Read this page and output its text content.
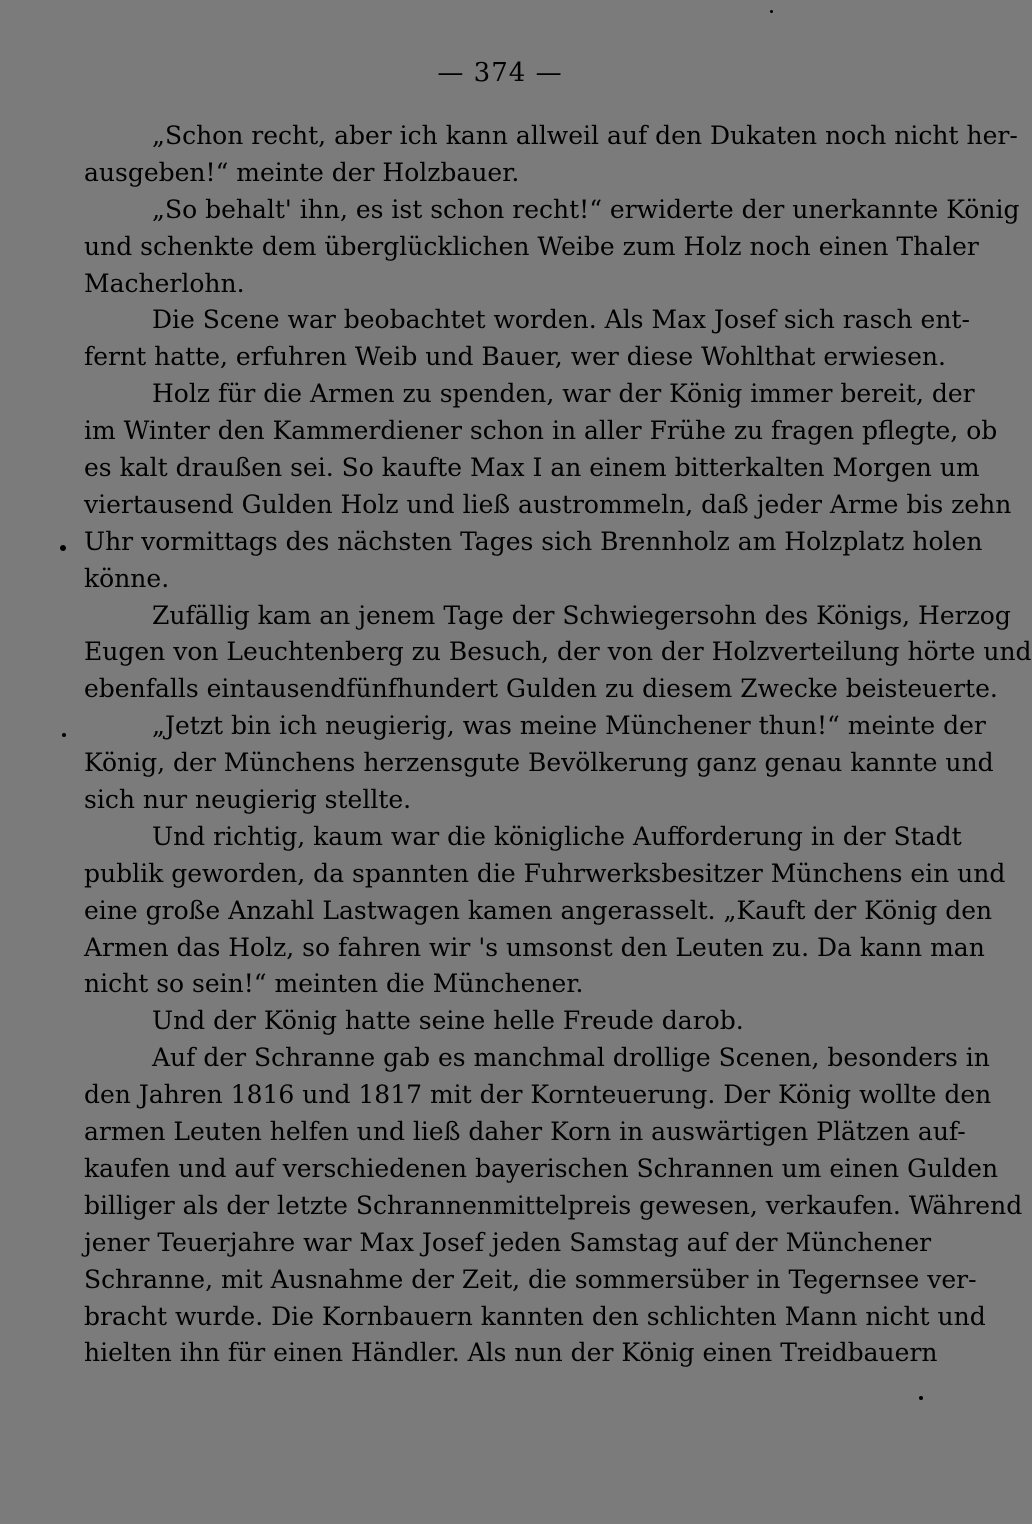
— 374 —
„Schon recht, aber ich kann allweil auf den Dukaten noch nicht her-
ausgeben!“ meinte der Holzbauer.
„So behalt' ihn, es ist schon recht!“ erwiderte der unerkannte König
und schenkte dem überglücklichen Weibe zum Holz noch einen Thaler
Macherlohn.
Die Scene war beobachtet worden. Als Max Josef sich rasch ent-
fernt hatte, erfuhren Weib und Bauer, wer diese Wohlthat erwiesen.
Holz für die Armen zu spenden, war der König immer bereit, der
im Winter den Kammerdiener schon in aller Frühe zu fragen pflegte, ob
es kalt draußen sei. So kaufte Max I an einem bitterkalten Morgen um
viertausend Gulden Holz und ließ austrommeln, daß jeder Arme bis zehn
Uhr vormittags des nächsten Tages sich Brennholz am Holzplatz holen
könne.
Zufällig kam an jenem Tage der Schwiegersohn des Königs, Herzog
Eugen von Leuchtenberg zu Besuch, der von der Holzverteilung hörte und
ebenfalls eintausendfünfhundert Gulden zu diesem Zwecke beisteuerte.
„Jetzt bin ich neugierig, was meine Münchener thun!“ meinte der
König, der Münchens herzensgute Bevölkerung ganz genau kannte und
sich nur neugierig stellte.
Und richtig, kaum war die königliche Aufforderung in der Stadt
publik geworden, da spannten die Fuhrwerksbesitzer Münchens ein und
eine große Anzahl Lastwagen kamen angerasselt. „Kauft der König den
Armen das Holz, so fahren wir 's umsonst den Leuten zu. Da kann man
nicht so sein!“ meinten die Münchener.
Und der König hatte seine helle Freude darob.
Auf der Schranne gab es manchmal drollige Scenen, besonders in
den Jahren 1816 und 1817 mit der Kornteuerung. Der König wollte den
armen Leuten helfen und ließ daher Korn in auswärtigen Plätzen auf-
kaufen und auf verschiedenen bayerischen Schrannen um einen Gulden
billiger als der letzte Schrannenmittelpreis gewesen, verkaufen. Während
jener Teuerjahre war Max Josef jeden Samstag auf der Münchener
Schranne, mit Ausnahme der Zeit, die sommersüber in Tegernsee ver-
bracht wurde. Die Kornbauern kannten den schlichten Mann nicht und
hielten ihn für einen Händler. Als nun der König einen Treidbauern
